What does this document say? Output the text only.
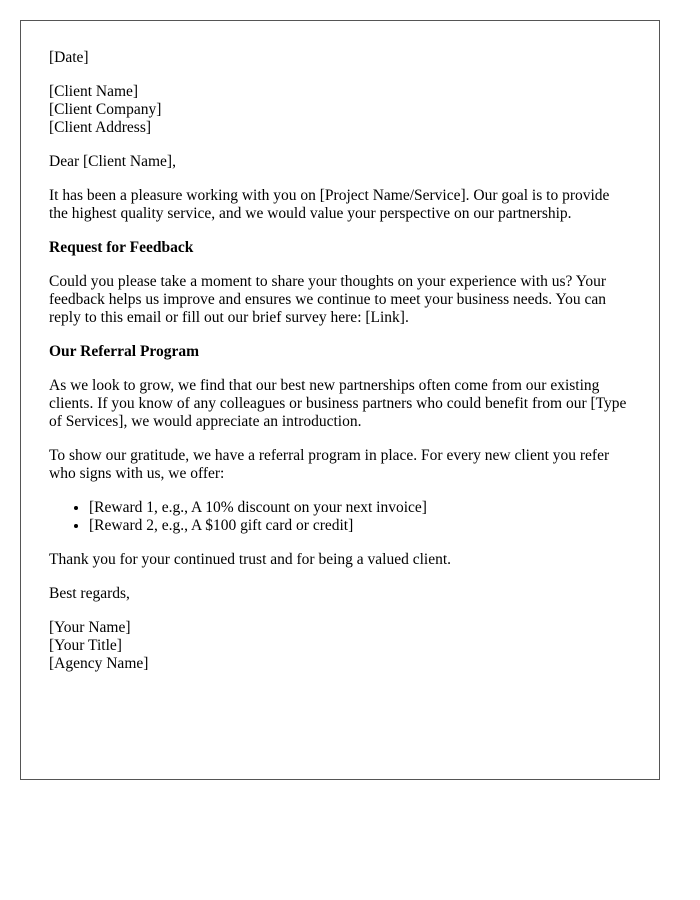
[Date]

[Client Name]
[Client Company]
[Client Address]

Dear [Client Name],

It has been a pleasure working with you on [Project Name/Service]. Our goal is to provide the highest quality service, and we would value your perspective on our partnership.

Request for Feedback

Could you please take a moment to share your thoughts on your experience with us? Your feedback helps us improve and ensures we continue to meet your business needs. You can reply to this email or fill out our brief survey here: [Link].

Our Referral Program

As we look to grow, we find that our best new partnerships often come from our existing clients. If you know of any colleagues or business partners who could benefit from our [Type of Services], we would appreciate an introduction.

To show our gratitude, we have a referral program in place. For every new client you refer who signs with us, we offer:

• [Reward 1, e.g., A 10% discount on your next invoice]
• [Reward 2, e.g., A $100 gift card or credit]

Thank you for your continued trust and for being a valued client.

Best regards,

[Your Name]
[Your Title]
[Agency Name]
